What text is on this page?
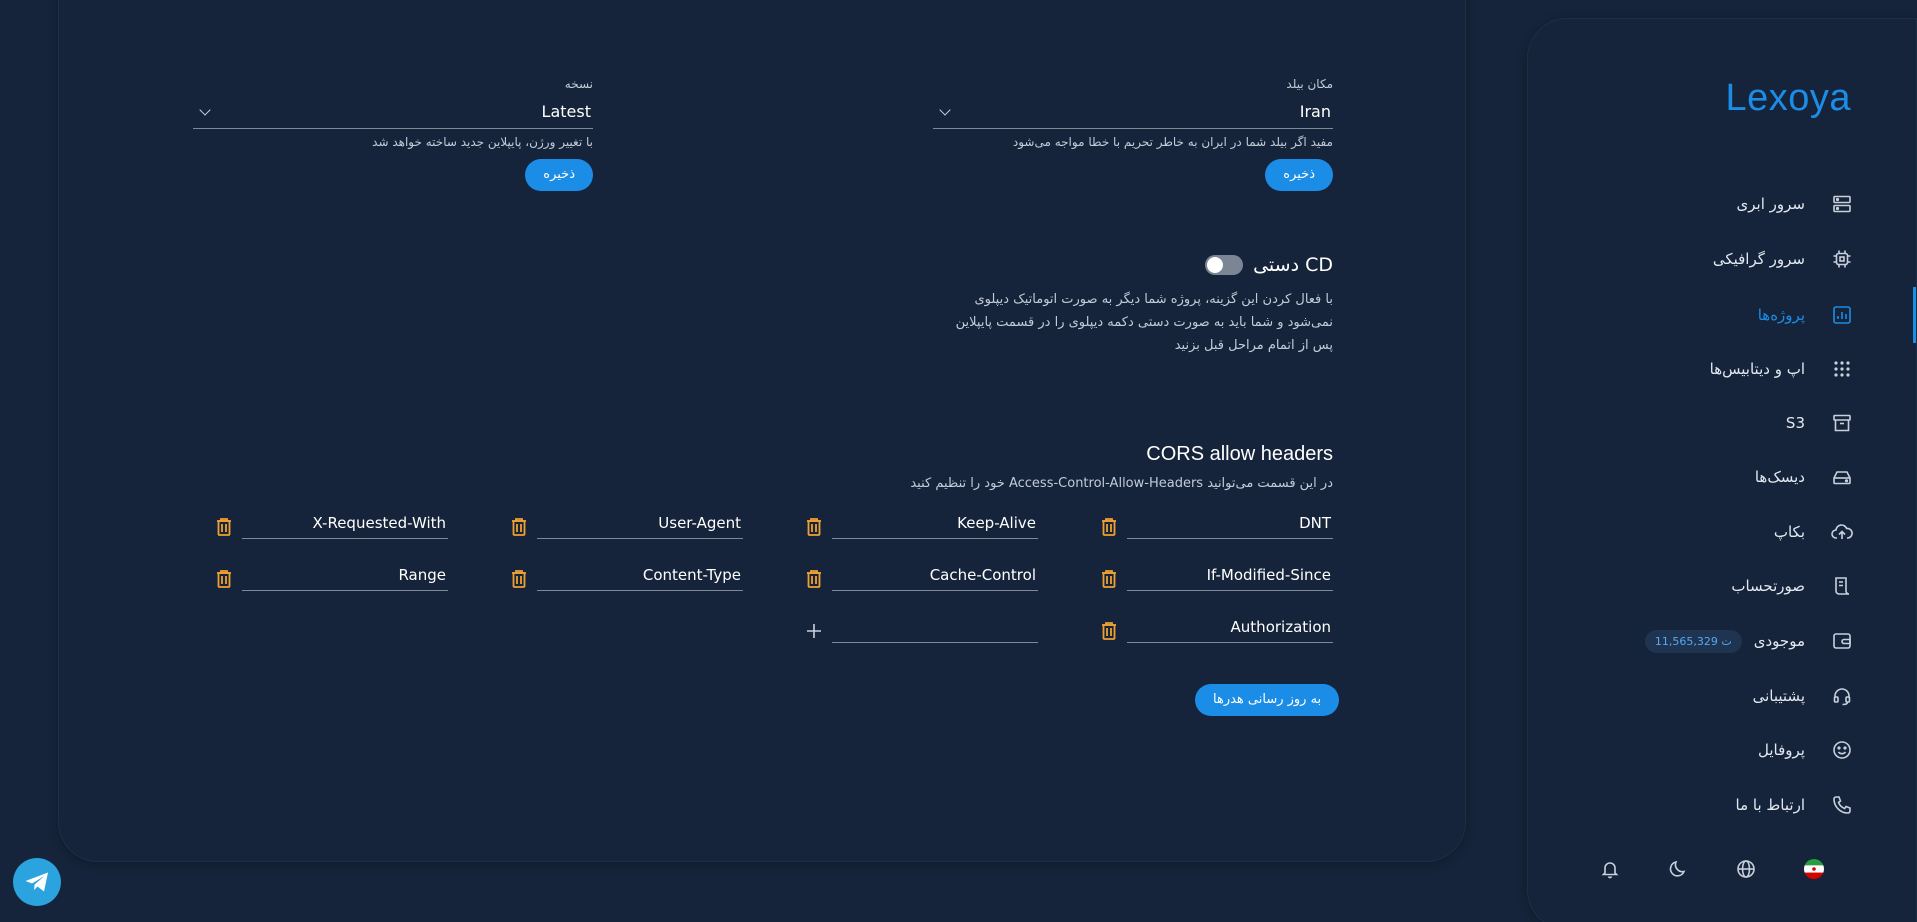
مکان بیلد
Iran
مفید اگر بیلد شما در ایران به خاطر تحریم با خطا مواجه می‌شود
ذخیره
نسخه
Latest
با تغییر ورژن، پایپلاین جدید ساخته خواهد شد
ذخیره
CD دستی
با فعال کردن این گزینه، پروژه شما دیگر به صورت اتوماتیک دیپلوی
نمی‌شود و شما باید به صورت دستی دکمه دیپلوی را در قسمت پایپلاین
پس از اتمام مراحل قبل بزنید
CORS allow headers
در این قسمت می‌توانید Access-Control-Allow-Headers خود را تنظیم کنید
DNT
Keep-Alive
User-Agent
X-Requested-With
If-Modified-Since
Cache-Control
Content-Type
Range
Authorization
به روز رسانی هدرها
Lexoya
سرور ابری
سرور گرافیکی
پروژه‌ها
اپ و دیتابیس‌ها
S3
دیسک‌ها
بکاپ
صورتحساب
موجودی
11,565,329 ت
پشتیبانی
پروفایل
ارتباط با ما
